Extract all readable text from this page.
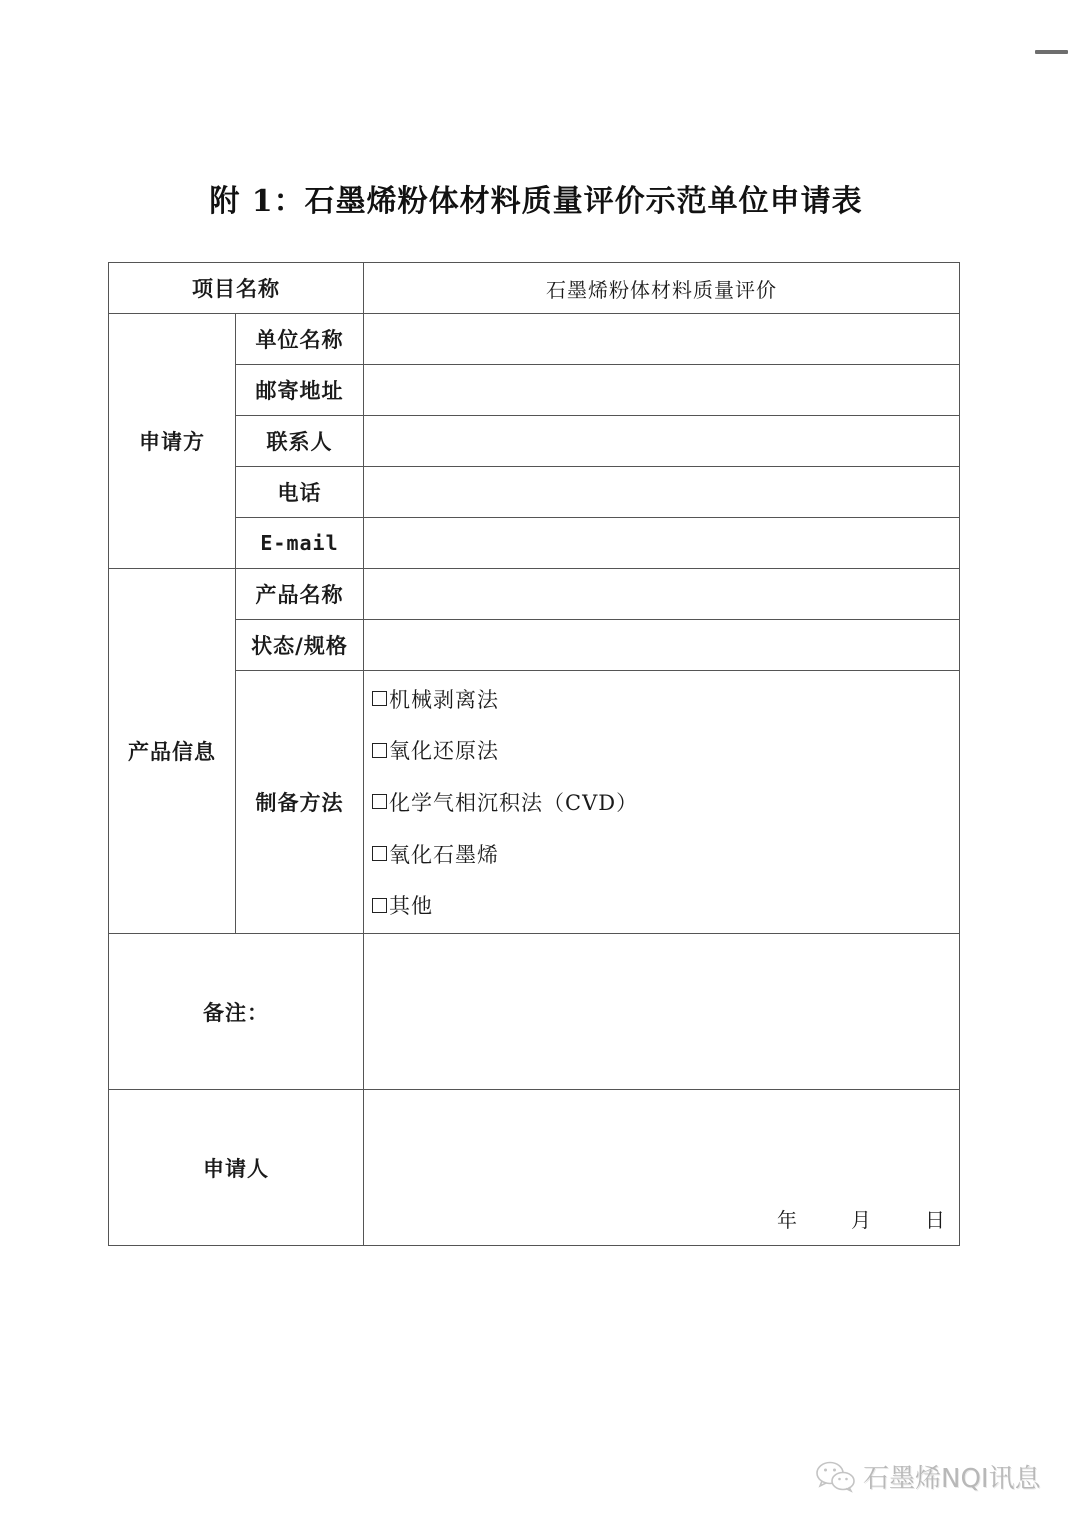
附 1：石墨烯粉体材料质量评价示范单位申请表
项目名称		石墨烯粉体材料质量评价
申请方	单位名称	
	邮寄地址	
	联系人	
	电话	
	E-mail	
产品信息	产品名称	
	状态/规格	
	制备方法	机械剥离法
氧化还原法
化学气相沉积法（CVD）
氧化石墨烯
其他

备注：		
申请人		年 月 日
石墨烯NQI讯息
